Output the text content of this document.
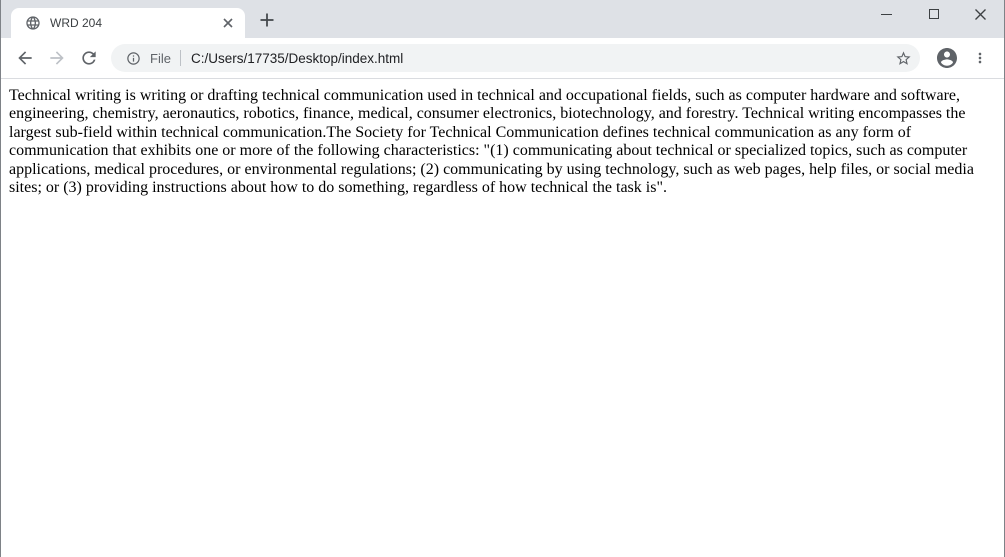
WRD 204
File C:/Users/17735/Desktop/index.html

Technical writing is writing or drafting technical communication used in technical and occupational fields, such as computer hardware and software, engineering, chemistry, aeronautics, robotics, finance, medical, consumer electronics, biotechnology, and forestry. Technical writing encompasses the largest sub-field within technical communication.The Society for Technical Communication defines technical communication as any form of communication that exhibits one or more of the following characteristics: "(1) communicating about technical or specialized topics, such as computer applications, medical procedures, or environmental regulations; (2) communicating by using technology, such as web pages, help files, or social media sites; or (3) providing instructions about how to do something, regardless of how technical the task is".
